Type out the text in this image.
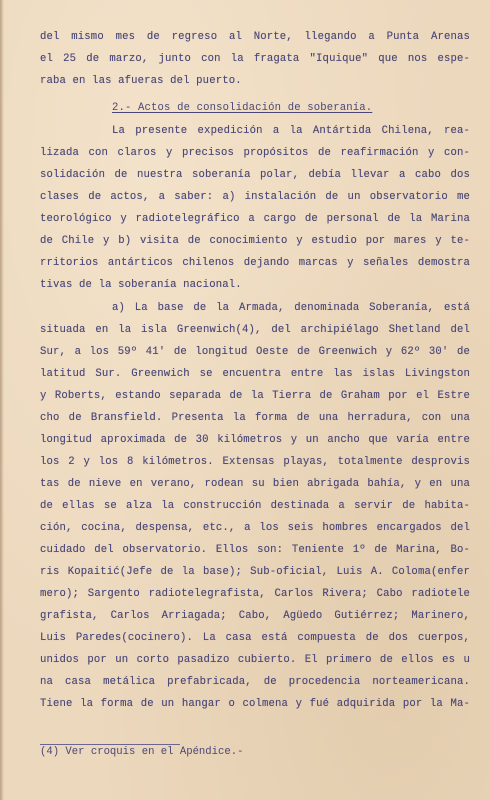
del mismo mes de regreso al Norte, llegando a Punta Arenas
el 25 de marzo, junto con la fragata "Iquique" que nos espe-
raba en las afueras del puerto.
2.- Actos de consolidación de soberanía.
La presente expedición a la Antártida Chilena, rea-
lizada con claros y precisos propósitos de reafirmación y con-
solidación de nuestra soberanía polar, debía llevar a cabo dos
clases de actos, a saber: a) instalación de un observatorio me
teorológico y radiotelegráfico a cargo de personal de la Marina
de Chile y b) visita de conocimiento y estudio por mares y te-
rritorios antárticos chilenos dejando marcas y señales demostra
tivas de la soberanía nacional.
a) La base de la Armada, denominada Soberanía, está
situada en la isla Greenwich(4), del archipiélago Shetland del
Sur, a los 59º 41' de longitud Oeste de Greenwich y 62º 30' de
latitud Sur. Greenwich se encuentra entre las islas Livingston
y Roberts, estando separada de la Tierra de Graham por el Estre
cho de Bransfield. Presenta la forma de una herradura, con una
longitud aproximada de 30 kilómetros y un ancho que varía entre
los 2 y los 8 kilómetros. Extensas playas, totalmente desprovis
tas de nieve en verano, rodean su bien abrigada bahía, y en una
de ellas se alza la construcción destinada a servir de habita-
ción, cocina, despensa, etc., a los seis hombres encargados del
cuidado del observatorio. Ellos son: Teniente 1º de Marina, Bo-
ris Kopaitić(Jefe de la base); Sub-oficial, Luis A. Coloma(enfer
mero); Sargento radiotelegrafista, Carlos Rivera; Cabo radiotele
grafista, Carlos Arriagada; Cabo, Agüedo Gutiérrez; Marinero,
Luis Paredes(cocinero). La casa está compuesta de dos cuerpos,
unidos por un corto pasadizo cubierto. El primero de ellos es u
na casa metálica prefabricada, de procedencia norteamericana.
Tiene la forma de un hangar o colmena y fué adquirida por la Ma-
(4) Ver croquis en el Apéndice.-
